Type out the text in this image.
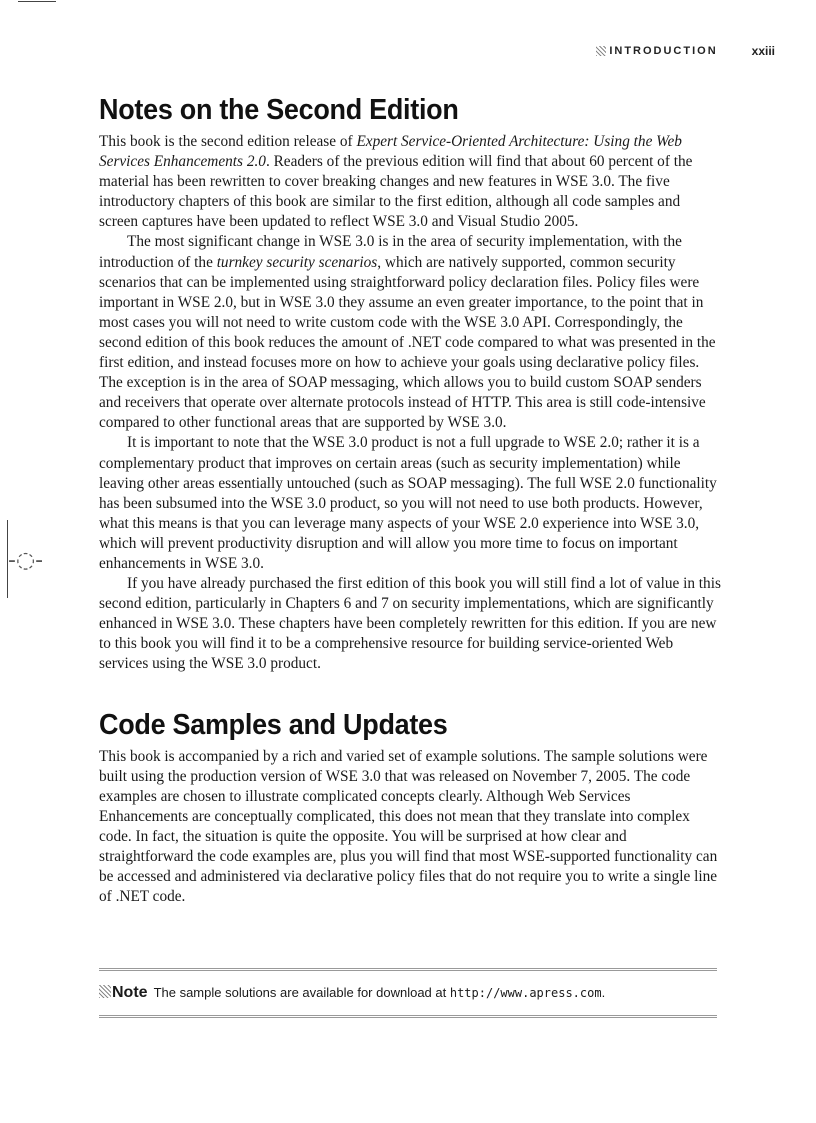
-◌-
INTRODUCTION	xxiii
Notes on the Second Edition

This book is the second edition release of Expert Service-Oriented Architecture: Using the Web Services Enhancements 2.0. Readers of the previous edition will find that about 60 percent of the material has been rewritten to cover breaking changes and new features in WSE 3.0. The five introductory chapters of this book are similar to the first edition, although all code samples and screen captures have been updated to reflect WSE 3.0 and Visual Studio 2005.

The most significant change in WSE 3.0 is in the area of security implementation, with the introduction of the turnkey security scenarios, which are natively supported, common security scenarios that can be implemented using straightforward policy declaration files. Policy files were important in WSE 2.0, but in WSE 3.0 they assume an even greater importance, to the point that in most cases you will not need to write custom code with the WSE 3.0 API. Correspondingly, the second edition of this book reduces the amount of .NET code compared to what was presented in the first edition, and instead focuses more on how to achieve your goals using declarative policy files. The exception is in the area of SOAP messaging, which allows you to build custom SOAP senders and receivers that operate over alternate protocols instead of HTTP. This area is still code-intensive compared to other functional areas that are supported by WSE 3.0.

It is important to note that the WSE 3.0 product is not a full upgrade to WSE 2.0; rather it is a complementary product that improves on certain areas (such as security implementation) while leaving other areas essentially untouched (such as SOAP messaging). The full WSE 2.0 functionality has been subsumed into the WSE 3.0 product, so you will not need to use both products. However, what this means is that you can leverage many aspects of your WSE 2.0 experience into WSE 3.0, which will prevent productivity disruption and will allow you more time to focus on important enhancements in WSE 3.0.

If you have already purchased the first edition of this book you will still find a lot of value in this second edition, particularly in Chapters 6 and 7 on security implementations, which are significantly enhanced in WSE 3.0. These chapters have been completely rewritten for this edition. If you are new to this book you will find it to be a comprehensive resource for building service-oriented Web services using the WSE 3.0 product.

Code Samples and Updates

This book is accompanied by a rich and varied set of example solutions. The sample solutions were built using the production version of WSE 3.0 that was released on November 7, 2005. The code examples are chosen to illustrate complicated concepts clearly. Although Web Services Enhancements are conceptually complicated, this does not mean that they translate into complex code. In fact, the situation is quite the opposite. You will be surprised at how clear and straightforward the code examples are, plus you will find that most WSE-supported functionality can be accessed and administered via declarative policy files that do not require you to write a single line of .NET code.

Note The sample solutions are available for download at http://www.apress.com.
